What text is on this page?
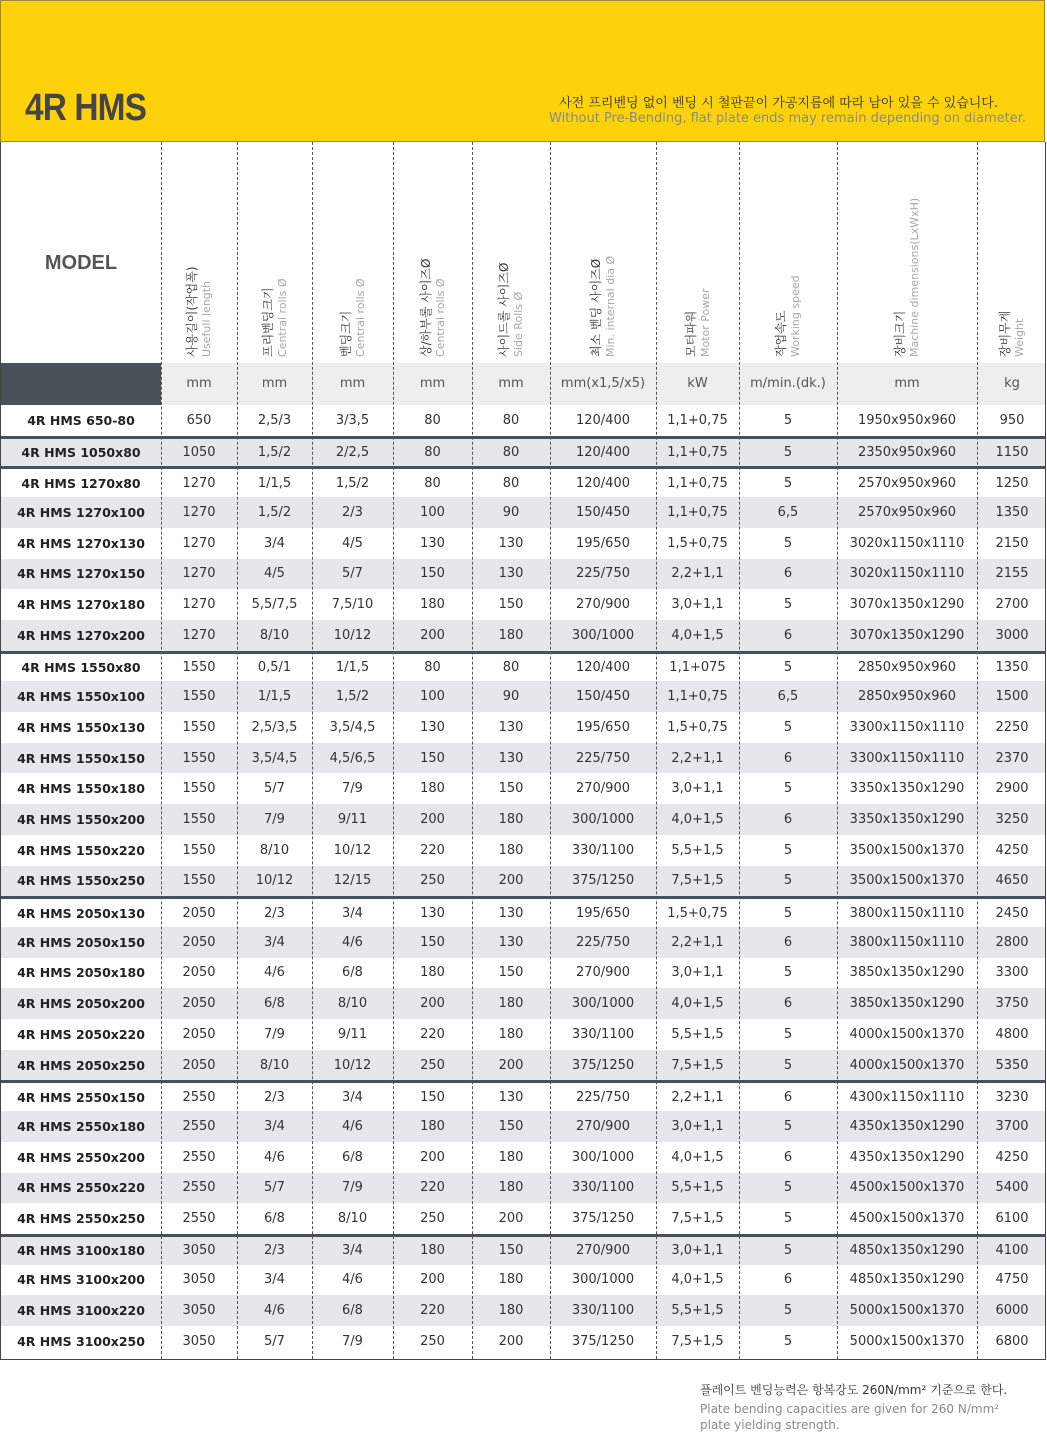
4R HMS	사전 프리벤딩 없이 벤딩 시 철판끝이 가공지름에 따라 남아 있을 수 있습니다.
Without Pre-Bending, flat plate ends may remain depending on diameter.
MODEL
사용길이(작업폭) Usefull length	프리벤딩크기 Central rolls Ø	벤딩크기 Central rolls Ø	상/하부롤 사이즈Ø Central rolls Ø	사이드롤 사이즈Ø Side Rolls Ø	최소 벤딩 사이즈Ø Min. internal dia Ø	모터파워 Motor Power	작업속도 Working speed	장비크기 Machine dimensions(LxWxH)	장비무게 Weight
mm	mm	mm	mm	mm	mm(x1,5/x5)	kW	m/min.(dk.)	mm	kg
4R HMS 650-80	650	2,5/3	3/3,5	80	80	120/400	1,1+0,75	5	1950x950x960	950
4R HMS 1050x80	1050	1,5/2	2/2,5	80	80	120/400	1,1+0,75	5	2350x950x960	1150
4R HMS 1270x80	1270	1/1,5	1,5/2	80	80	120/400	1,1+0,75	5	2570x950x960	1250
4R HMS 1270x100	1270	1,5/2	2/3	100	90	150/450	1,1+0,75	6,5	2570x950x960	1350
4R HMS 1270x130	1270	3/4	4/5	130	130	195/650	1,5+0,75	5	3020x1150x1110	2150
4R HMS 1270x150	1270	4/5	5/7	150	130	225/750	2,2+1,1	6	3020x1150x1110	2155
4R HMS 1270x180	1270	5,5/7,5	7,5/10	180	150	270/900	3,0+1,1	5	3070x1350x1290	2700
4R HMS 1270x200	1270	8/10	10/12	200	180	300/1000	4,0+1,5	6	3070x1350x1290	3000
4R HMS 1550x80	1550	0,5/1	1/1,5	80	80	120/400	1,1+075	5	2850x950x960	1350
4R HMS 1550x100	1550	1/1,5	1,5/2	100	90	150/450	1,1+0,75	6,5	2850x950x960	1500
4R HMS 1550x130	1550	2,5/3,5	3,5/4,5	130	130	195/650	1,5+0,75	5	3300x1150x1110	2250
4R HMS 1550x150	1550	3,5/4,5	4,5/6,5	150	130	225/750	2,2+1,1	6	3300x1150x1110	2370
4R HMS 1550x180	1550	5/7	7/9	180	150	270/900	3,0+1,1	5	3350x1350x1290	2900
4R HMS 1550x200	1550	7/9	9/11	200	180	300/1000	4,0+1,5	6	3350x1350x1290	3250
4R HMS 1550x220	1550	8/10	10/12	220	180	330/1100	5,5+1,5	5	3500x1500x1370	4250
4R HMS 1550x250	1550	10/12	12/15	250	200	375/1250	7,5+1,5	5	3500x1500x1370	4650
4R HMS 2050x130	2050	2/3	3/4	130	130	195/650	1,5+0,75	5	3800x1150x1110	2450
4R HMS 2050x150	2050	3/4	4/6	150	130	225/750	2,2+1,1	6	3800x1150x1110	2800
4R HMS 2050x180	2050	4/6	6/8	180	150	270/900	3,0+1,1	5	3850x1350x1290	3300
4R HMS 2050x200	2050	6/8	8/10	200	180	300/1000	4,0+1,5	6	3850x1350x1290	3750
4R HMS 2050x220	2050	7/9	9/11	220	180	330/1100	5,5+1,5	5	4000x1500x1370	4800
4R HMS 2050x250	2050	8/10	10/12	250	200	375/1250	7,5+1,5	5	4000x1500x1370	5350
4R HMS 2550x150	2550	2/3	3/4	150	130	225/750	2,2+1,1	6	4300x1150x1110	3230
4R HMS 2550x180	2550	3/4	4/6	180	150	270/900	3,0+1,1	5	4350x1350x1290	3700
4R HMS 2550x200	2550	4/6	6/8	200	180	300/1000	4,0+1,5	6	4350x1350x1290	4250
4R HMS 2550x220	2550	5/7	7/9	220	180	330/1100	5,5+1,5	5	4500x1500x1370	5400
4R HMS 2550x250	2550	6/8	8/10	250	200	375/1250	7,5+1,5	5	4500x1500x1370	6100
4R HMS 3100x180	3050	2/3	3/4	180	150	270/900	3,0+1,1	5	4850x1350x1290	4100
4R HMS 3100x200	3050	3/4	4/6	200	180	300/1000	4,0+1,5	6	4850x1350x1290	4750
4R HMS 3100x220	3050	4/6	6/8	220	180	330/1100	5,5+1,5	5	5000x1500x1370	6000
4R HMS 3100x250	3050	5/7	7/9	250	200	375/1250	7,5+1,5	5	5000x1500x1370	6800
플레이트 벤딩능력은 항복강도 260N/mm² 기준으로 한다.
Plate bending capacities are given for 260 N/mm² plate yielding strength.
